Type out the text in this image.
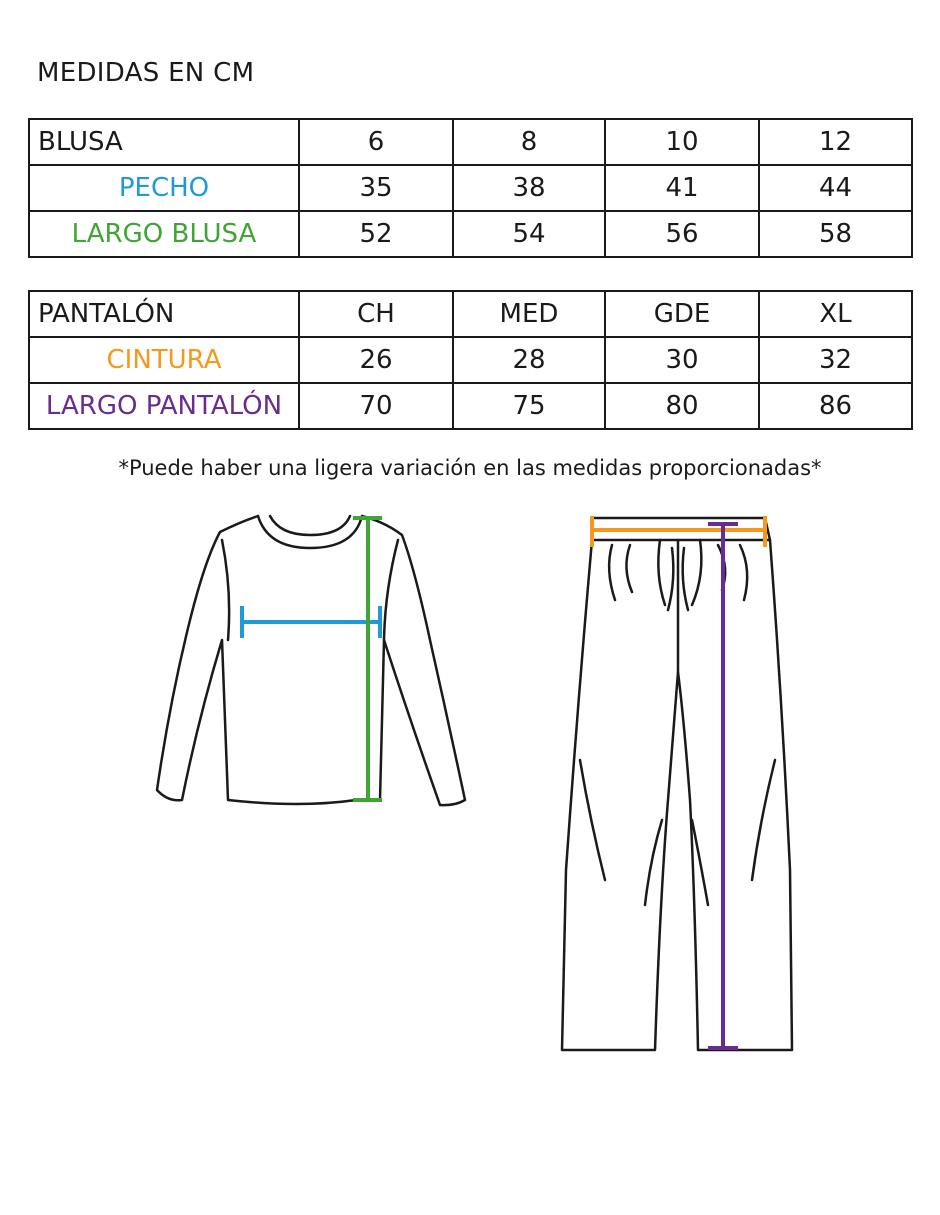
MEDIDAS EN CM
BLUSA	6	8	10	12
PECHO	35	38	41	44
LARGO BLUSA	52	54	56	58
PANTALÓN	CH	MED	GDE	XL
CINTURA	26	28	30	32
LARGO PANTALÓN	70	75	80	86
*Puede haber una ligera variación en las medidas proporcionadas*
